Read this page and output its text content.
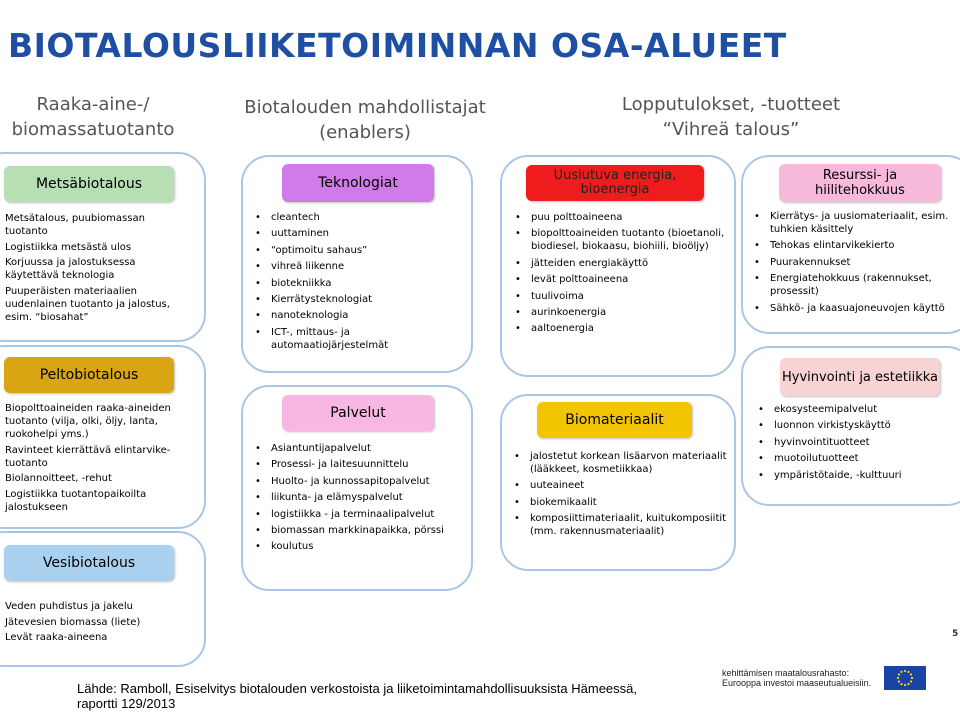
BIOTALOUSLIIKETOIMINNAN OSA-ALUEET
Raaka-aine-/
biomassatuotanto
Biotalouden mahdollistajat
(enablers)
Lopputulokset, -tuotteet
“Vihreä talous”
Metsäbiotalous
Metsätalous, puubiomassan tuotanto
Logistiikka metsästä ulos
Korjuussa ja jalostuksessa käytettävä teknologia
Puuperäisten materiaalien uudenlainen tuotanto ja jalostus, esim. “biosahat”
Peltobiotalous
Biopolttoaineiden raaka-aineiden tuotanto (vilja, olki, öljy, lanta, ruokohelpi yms.)
Ravinteet kierrättävä elintarvike-tuotanto
Biolannoitteet, -rehut
Logistiikka tuotantopaikoilta jalostukseen
Vesibiotalous
Veden puhdistus ja jakelu
Jätevesien biomassa (liete)
Levät raaka-aineena
Teknologiat
• cleantech
• uuttaminen
• “optimoitu sahaus”
• vihreä liikenne
• biotekniikka
• Kierrätysteknologiat
• nanoteknologia
• ICT-, mittaus- ja automaatiojärjestelmät
Palvelut
• Asiantuntijapalvelut
• Prosessi- ja laitesuunnittelu
• Huolto- ja kunnossapitopalvelut
• liikunta- ja elämyspalvelut
• logistiikka - ja terminaalipalvelut
• biomassan markkinapaikka, pörssi
• koulutus
Uusiutuva energia, bioenergia
• puu polttoaineena
• biopolttoaineiden tuotanto (bioetanoli, biodiesel, biokaasu, biohiili, bioöljy)
• jätteiden energiakäyttö
• levät polttoaineena
• tuulivoima
• aurinkoenergia
• aaltoenergia
Biomateriaalit
• jalostetut korkean lisäarvon materiaalit (lääkkeet, kosmetiikkaa)
• uuteaineet
• biokemikaalit
• komposiittimateriaalit, kuitukomposiitit (mm. rakennusmateriaalit)
Resurssi- ja hiilitehokkuus
• Kierrätys- ja uusiomateriaalit, esim. tuhkien käsittely
• Tehokas elintarvikekierto
• Puurakennukset
• Energiatehokkuus (rakennukset, prosessit)
• Sähkö- ja kaasuajoneuvojen käyttö
Hyvinvointi ja estetiikka
• ekosysteemipalvelut
• luonnon virkistyskäyttö
• hyvinvointituotteet
• muotoilutuotteet
• ympäristötaide, -kulttuuri
5
Lähde: Ramboll, Esiselvitys biotalouden verkostoista ja liiketoimintamahdollisuuksista Hämeessä, raportti 129/2013
kehittämisen maatalousrahasto:
Eurooppa investoi maaseutualueisiin.
